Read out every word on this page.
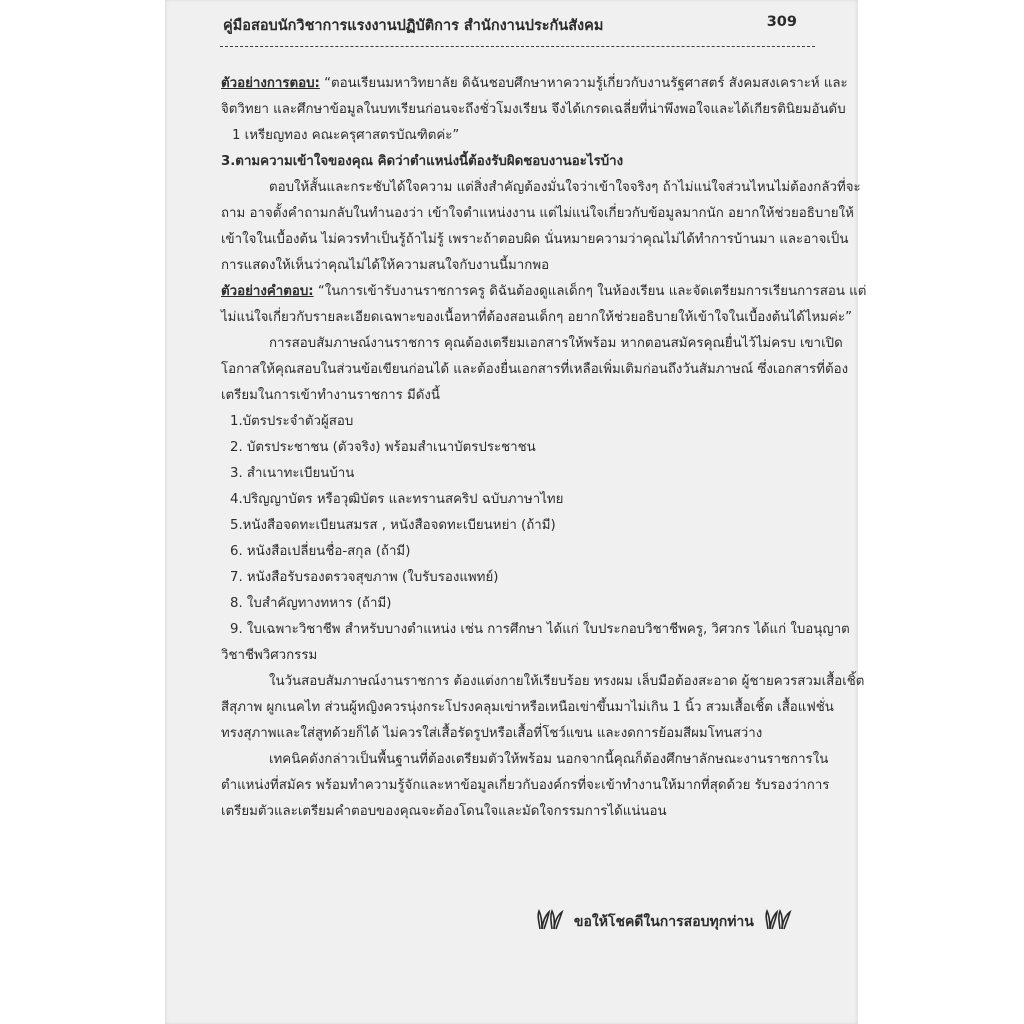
คู่มือสอบนักวิชาการแรงงานปฏิบัติการ สำนักงานประกันสังคม	309
ตัวอย่างการตอบ: “ตอนเรียนมหาวิทยาลัย ดิฉันชอบศึกษาหาความรู้เกี่ยวกับงานรัฐศาสตร์ สังคมสงเคราะห์ และ
จิตวิทยา และศึกษาข้อมูลในบทเรียนก่อนจะถึงชั่วโมงเรียน จึงได้เกรดเฉลี่ยที่น่าพึงพอใจและได้เกียรตินิยมอันดับ
1 เหรียญทอง คณะครุศาสตรบัณฑิตค่ะ”
3.ตามความเข้าใจของคุณ คิดว่าตำแหน่งนี้ต้องรับผิดชอบงานอะไรบ้าง
ตอบให้สั้นและกระชับได้ใจความ แต่สิ่งสำคัญต้องมั่นใจว่าเข้าใจจริงๆ ถ้าไม่แน่ใจส่วนไหนไม่ต้องกลัวที่จะ
ถาม อาจตั้งคำถามกลับในทำนองว่า เข้าใจตำแหน่งงาน แต่ไม่แน่ใจเกี่ยวกับข้อมูลมากนัก อยากให้ช่วยอธิบายให้
เข้าใจในเบื้องต้น ไม่ควรทำเป็นรู้ถ้าไม่รู้ เพราะถ้าตอบผิด นั่นหมายความว่าคุณไม่ได้ทำการบ้านมา และอาจเป็น
การแสดงให้เห็นว่าคุณไม่ได้ให้ความสนใจกับงานนี้มากพอ
ตัวอย่างคำตอบ: “ในการเข้ารับงานราชการครู ดิฉันต้องดูแลเด็กๆ ในห้องเรียน และจัดเตรียมการเรียนการสอน แต่
ไม่แน่ใจเกี่ยวกับรายละเอียดเฉพาะของเนื้อหาที่ต้องสอนเด็กๆ อยากให้ช่วยอธิบายให้เข้าใจในเบื้องต้นได้ไหมค่ะ”
การสอบสัมภาษณ์งานราชการ คุณต้องเตรียมเอกสารให้พร้อม หากตอนสมัครคุณยื่นไว้ไม่ครบ เขาเปิด
โอกาสให้คุณสอบในส่วนข้อเขียนก่อนได้ และต้องยื่นเอกสารที่เหลือเพิ่มเติมก่อนถึงวันสัมภาษณ์ ซึ่งเอกสารที่ต้อง
เตรียมในการเข้าทำงานราชการ มีดังนี้
1.บัตรประจำตัวผู้สอบ
2. บัตรประชาชน (ตัวจริง) พร้อมสำเนาบัตรประชาชน
3. สำเนาทะเบียนบ้าน
4.ปริญญาบัตร หรือวุฒิบัตร และทรานสคริป ฉบับภาษาไทย
5.หนังสือจดทะเบียนสมรส , หนังสือจดทะเบียนหย่า (ถ้ามี)
6. หนังสือเปลี่ยนชื่อ-สกุล (ถ้ามี)
7. หนังสือรับรองตรวจสุขภาพ (ใบรับรองแพทย์)
8. ใบสำคัญทางทหาร (ถ้ามี)
9. ใบเฉพาะวิชาชีพ สำหรับบางตำแหน่ง เช่น การศึกษา ได้แก่ ใบประกอบวิชาชีพครู, วิศวกร ได้แก่ ใบอนุญาต
วิชาชีพวิศวกรรม
ในวันสอบสัมภาษณ์งานราชการ ต้องแต่งกายให้เรียบร้อย ทรงผม เล็บมือต้องสะอาด ผู้ชายควรสวมเสื้อเชิ้ต
สีสุภาพ ผูกเนคไท ส่วนผู้หญิงควรนุ่งกระโปรงคลุมเข่าหรือเหนือเข่าขึ้นมาไม่เกิน 1 นิ้ว สวมเสื้อเชิ้ต เสื้อแฟชั่น
ทรงสุภาพและใส่สูทด้วยก็ได้ ไม่ควรใส่เสื้อรัดรูปหรือเสื้อที่โชว์แขน และงดการย้อมสีผมโทนสว่าง
เทคนิคดังกล่าวเป็นพื้นฐานที่ต้องเตรียมตัวให้พร้อม นอกจากนี้คุณก็ต้องศึกษาลักษณะงานราชการใน
ตำแหน่งที่สมัคร พร้อมทำความรู้จักและหาข้อมูลเกี่ยวกับองค์กรที่จะเข้าทำงานให้มากที่สุดด้วย รับรองว่าการ
เตรียมตัวและเตรียมคำตอบของคุณจะต้องโดนใจและมัดใจกรรมการได้แน่นอน
ขอให้โชคดีในการสอบทุกท่าน
